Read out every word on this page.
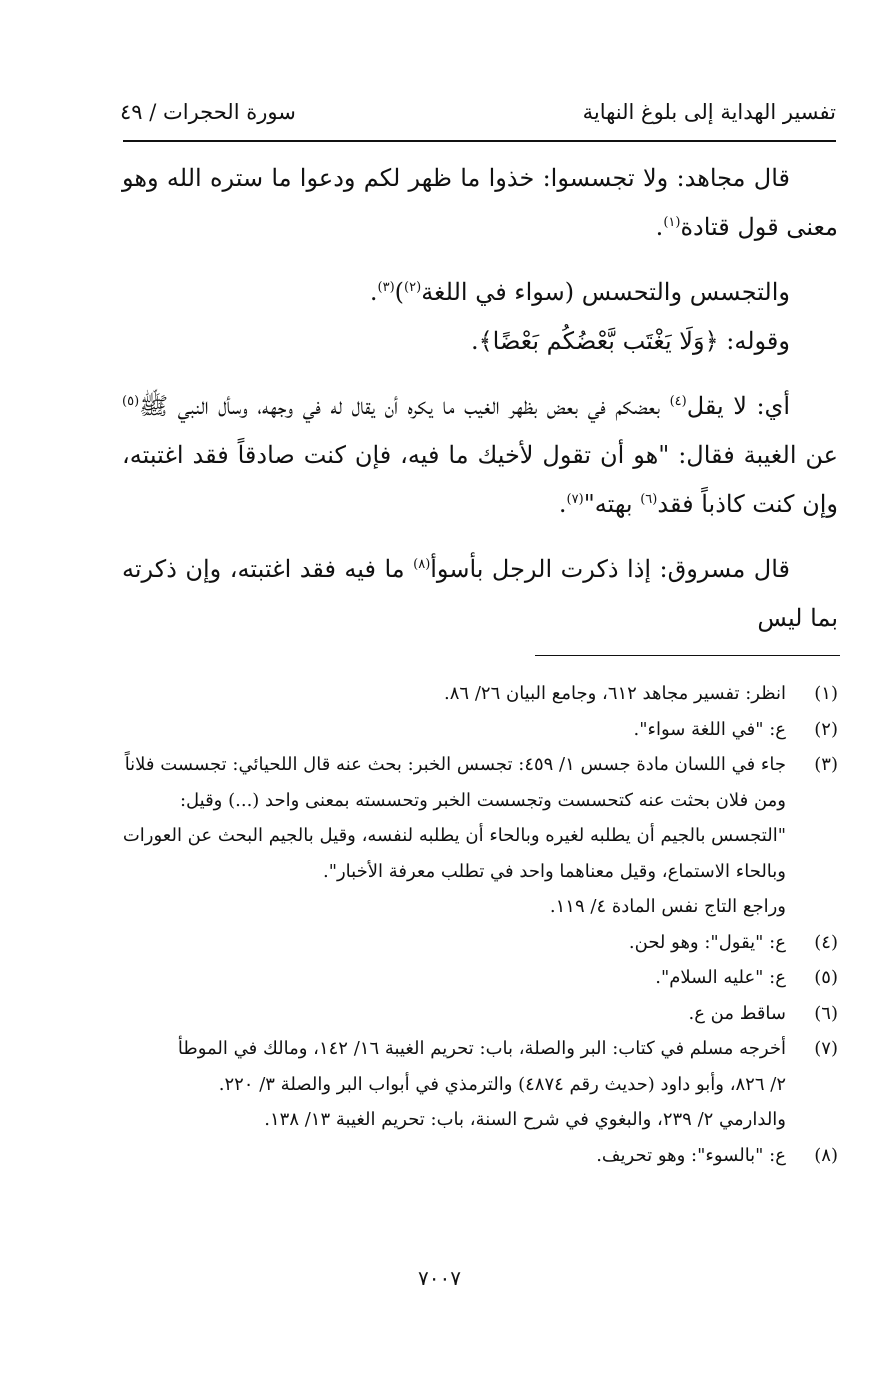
تفسير الهداية إلى بلوغ النهاية
سورة الحجرات / ٤٩

قال مجاهد: ولا تجسسوا: خذوا ما ظهر لكم ودعوا ما ستره الله وهو معنى قول قتادة$^{(١)}$.

والتجسس والتحسس (سواء في اللغة$^{(٢)}$)$^{(٣)}$.

وقوله: ﴿وَلَا يَغْتَب بَّعْضُكُم بَعْضًا﴾.

أي: لا يقل$^{(٤)}$ بعضكم في بعض بظهر الغيب ما يكره أن يقال له في وجهه، وسأل النبي ﷺ$^{(٥)}$ عن الغيبة فقال: "هو أن تقول لأخيك ما فيه، فإن كنت صادقاً فقد اغتبته، وإن كنت كاذباً فقد$^{(٦)}$ بهته"$^{(٧)}$.

قال مسروق: إذا ذكرت الرجل بأسوأ$^{(٨)}$ ما فيه فقد اغتبته، وإن ذكرته بما ليس

(١)
انظر: تفسير مجاهد ٦١٢، وجامع البيان ٢٦/ ٨٦.
(٢)
ع: "في اللغة سواء".
(٣)
جاء في اللسان مادة جسس ١/ ٤٥٩: تجسس الخبر: بحث عنه قال اللحيائي: تجسست فلاناً
ومن فلان بحثت عنه كتحسست وتجسست الخبر وتحسسته بمعنى واحد (...) وقيل:
"التجسس بالجيم أن يطلبه لغيره وبالحاء أن يطلبه لنفسه، وقيل بالجيم البحث عن العورات
وبالحاء الاستماع، وقيل معناهما واحد في تطلب معرفة الأخبار".
وراجع التاج نفس المادة ٤/ ١١٩.
(٤)
ع: "يقول": وهو لحن.
(٥)
ع: "عليه السلام".
(٦)
ساقط من ع.
(٧)
أخرجه مسلم في كتاب: البر والصلة، باب: تحريم الغيبة ١٦/ ١٤٢، ومالك في الموطأ
٢/ ٨٢٦، وأبو داود (حديث رقم ٤٨٧٤) والترمذي في أبواب البر والصلة ٣/ ٢٢٠.
والدارمي ٢/ ٢٣٩، والبغوي في شرح السنة، باب: تحريم الغيبة ١٣/ ١٣٨.
(٨)
ع: "بالسوء": وهو تحريف.
٧٠٠٧
